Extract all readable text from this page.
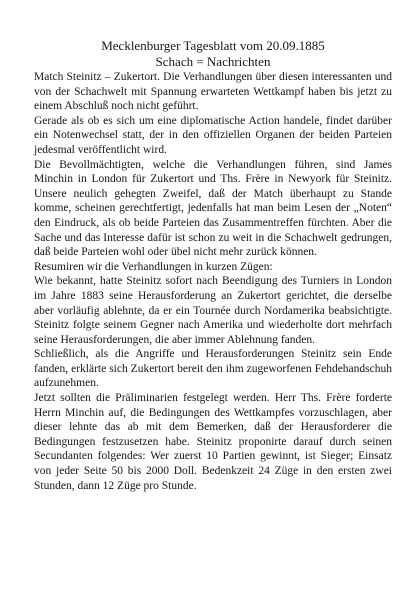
Mecklenburger Tagesblatt vom 20.09.1885
Schach = Nachrichten

Match Steinitz – Zukertort. Die Verhandlungen über diesen interessanten und von der Schachwelt mit Spannung erwarteten Wettkampf haben bis jetzt zu einem Abschluß noch nicht geführt.

Gerade als ob es sich um eine diplomatische Action handele, findet darüber ein Notenwechsel statt, der in den offiziellen Organen der beiden Parteien jedesmal veröffentlicht wird.

Die Bevollmächtigten, welche die Verhandlungen führen, sind James Minchin in London für Zukertort und Ths. Frère in Newyork für Steinitz. Unsere neulich gehegten Zweifel, daß der Match überhaupt zu Stande komme, scheinen gerechtfertigt, jedenfalls hat man beim Lesen der „Noten“ den Eindruck, als ob beide Parteien das Zusammentreffen fürchten. Aber die Sache und das Interesse dafür ist schon zu weit in die Schachwelt gedrungen, daß beide Parteien wohl oder übel nicht mehr zurück können.

Resumiren wir die Verhandlungen in kurzen Zügen:

Wie bekannt, hatte Steinitz sofort nach Beendigung des Turniers in London im Jahre 1883 seine Herausforderung an Zukertort gerichtet, die derselbe aber vorläufig ablehnte, da er ein Tournée durch Nordamerika beabsichtigte. Steinitz folgte seinem Gegner nach Amerika und wiederholte dort mehrfach seine Herausforderungen, die aber immer Ablehnung fanden.

Schließlich, als die Angriffe und Herausforderungen Steinitz sein Ende fanden, erklärte sich Zukertort bereit den ihm zugeworfenen Fehdehandschuh aufzunehmen.

Jetzt sollten die Präliminarien festgelegt werden. Herr Ths. Frère forderte Herrn Minchin auf, die Bedingungen des Wettkampfes vorzuschlagen, aber dieser lehnte das ab mit dem Bemerken, daß der Herausforderer die Bedingungen festzusetzen habe. Steinitz proponirte darauf durch seinen Secundanten folgendes: Wer zuerst 10 Partien gewinnt, ist Sieger; Einsatz von jeder Seite 50 bis 2000 Doll. Bedenkzeit 24 Züge in den ersten zwei Stunden, dann 12 Züge pro Stunde.
